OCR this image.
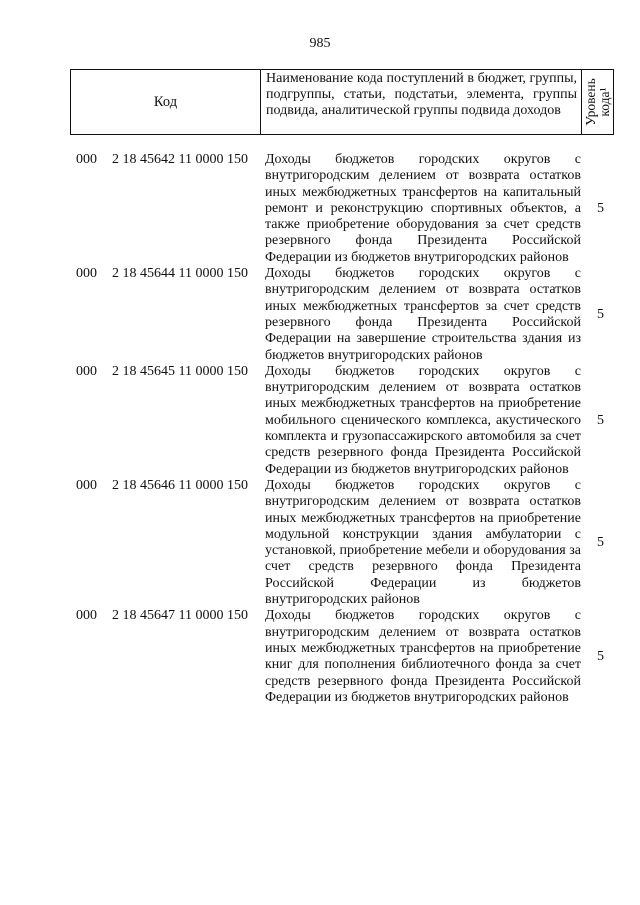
985
Код
Наименование кода поступлений в бюджет, группы, подгруппы, статьи, подстатьи, элемента, группы подвида, аналитической группы подвида доходов	Уровень кода¹
000 2 18 45642 11 0000 150 Доходы бюджетов городских округов с внутригородским делением от возврата остатков иных межбюджетных трансфертов на капитальный ремонт и реконструкцию спортивных объектов, а также приобретение оборудования за счет средств резервного фонда Президента Российской Федерации из бюджетов внутригородских районов
5
000 2 18 45644 11 0000 150 Доходы бюджетов городских округов с внутригородским делением от возврата остатков иных межбюджетных трансфертов за счет средств резервного фонда Президента Российской Федерации на завершение строительства здания из бюджетов внутригородских районов
5
000 2 18 45645 11 0000 150 Доходы бюджетов городских округов с внутригородским делением от возврата остатков иных межбюджетных трансфертов на приобретение мобильного сценического комплекса, акустического комплекта и грузопассажирского автомобиля за счет средств резервного фонда Президента Российской Федерации из бюджетов внутригородских районов
5
000 2 18 45646 11 0000 150 Доходы бюджетов городских округов с внутригородским делением от возврата остатков иных межбюджетных трансфертов на приобретение модульной конструкции здания амбулатории с установкой, приобретение мебели и оборудования за счет средств резервного фонда Президента Российской Федерации из бюджетов внутригородских районов
5
000 2 18 45647 11 0000 150 Доходы бюджетов городских округов с внутригородским делением от возврата остатков иных межбюджетных трансфертов на приобретение книг для пополнения библиотечного фонда за счет средств резервного фонда Президента Российской Федерации из бюджетов внутригородских районов
5
